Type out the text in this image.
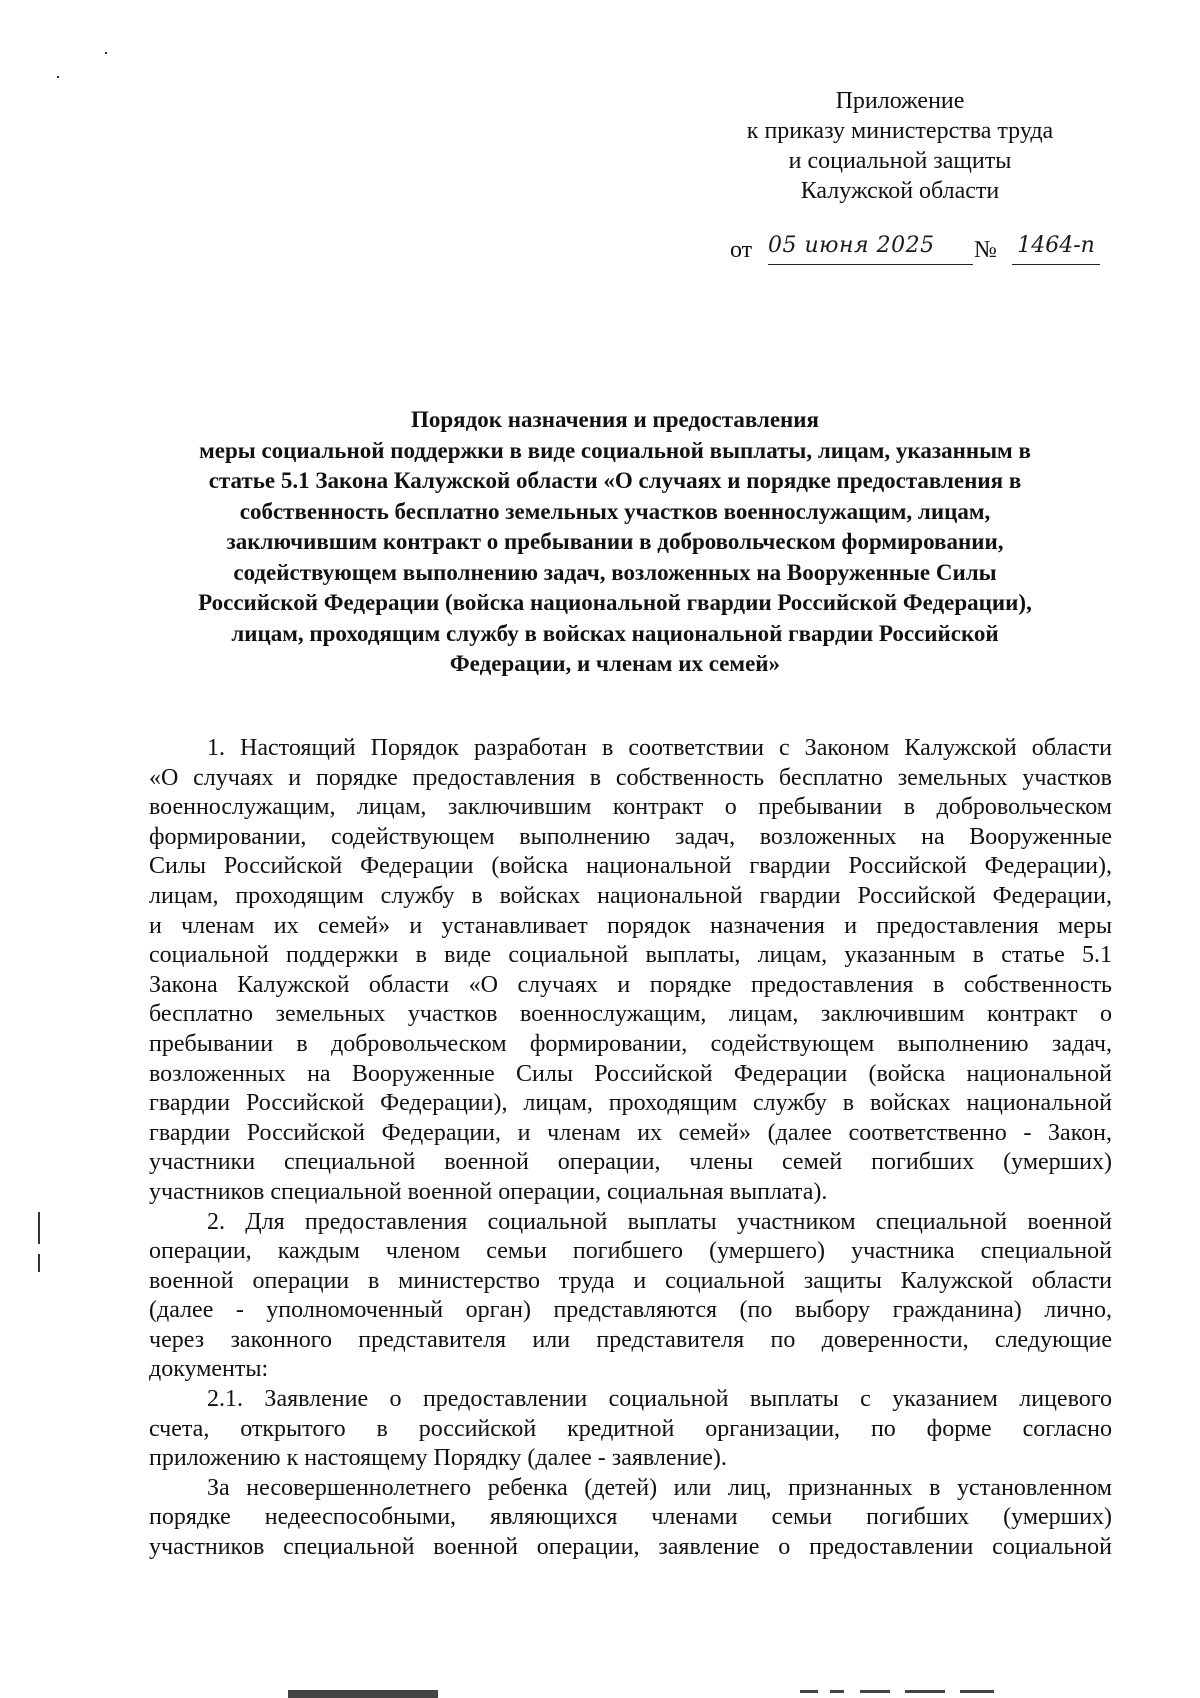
Приложение
к приказу министерства труда
и социальной защиты
Калужской области
от 05 июня 2025	№ 1464-п
Порядок назначения и предоставления
меры социальной поддержки в виде социальной выплаты, лицам, указанным в
статье 5.1 Закона Калужской области «О случаях и порядке предоставления в
собственность бесплатно земельных участков военнослужащим, лицам,
заключившим контракт о пребывании в добровольческом формировании,
содействующем выполнению задач, возложенных на Вооруженные Силы
Российской Федерации (войска национальной гвардии Российской Федерации),
лицам, проходящим службу в войсках национальной гвардии Российской
Федерации, и членам их семей»
1. Настоящий Порядок разработан в соответствии с Законом Калужской области
«О случаях и порядке предоставления в собственность бесплатно земельных участков
военнослужащим, лицам, заключившим контракт о пребывании в добровольческом
формировании, содействующем выполнению задач, возложенных на Вооруженные
Силы Российской Федерации (войска национальной гвардии Российской Федерации),
лицам, проходящим службу в войсках национальной гвардии Российской Федерации,
и членам их семей» и устанавливает порядок назначения и предоставления меры
социальной поддержки в виде социальной выплаты, лицам, указанным в статье 5.1
Закона Калужской области «О случаях и порядке предоставления в собственность
бесплатно земельных участков военнослужащим, лицам, заключившим контракт о
пребывании в добровольческом формировании, содействующем выполнению задач,
возложенных на Вооруженные Силы Российской Федерации (войска национальной
гвардии Российской Федерации), лицам, проходящим службу в войсках национальной
гвардии Российской Федерации, и членам их семей» (далее соответственно - Закон,
участники специальной военной операции, члены семей погибших (умерших)
участников специальной военной операции, социальная выплата).
2. Для предоставления социальной выплаты участником специальной военной
операции, каждым членом семьи погибшего (умершего) участника специальной
военной операции в министерство труда и социальной защиты Калужской области
(далее - уполномоченный орган) представляются (по выбору гражданина) лично,
через законного представителя или представителя по доверенности, следующие
документы:
2.1. Заявление о предоставлении социальной выплаты с указанием лицевого
счета, открытого в российской кредитной организации, по форме согласно
приложению к настоящему Порядку (далее - заявление).
За несовершеннолетнего ребенка (детей) или лиц, признанных в установленном
порядке недееспособными, являющихся членами семьи погибших (умерших)
участников специальной военной операции, заявление о предоставлении социальной
